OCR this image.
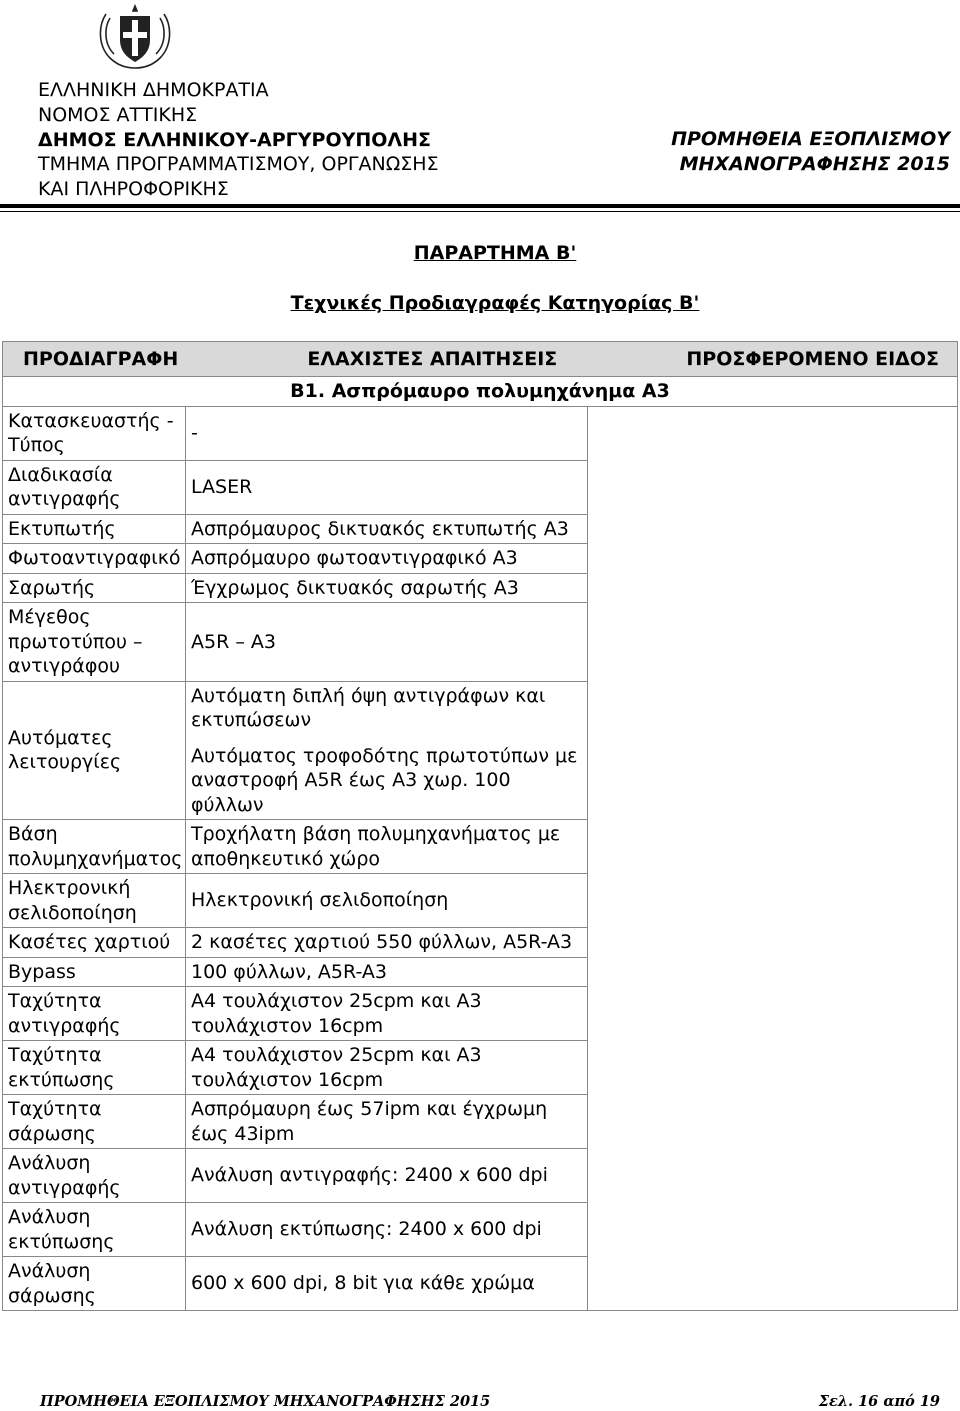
ΕΛΛΗΝΙΚΗ ΔΗΜΟΚΡΑΤΙΑ
ΝΟΜΟΣ ΑΤΤΙΚΗΣ
ΔΗΜΟΣ ΕΛΛΗΝΙΚΟΥ-ΑΡΓΥΡΟΥΠΟΛΗΣ
ΤΜΗΜΑ ΠΡΟΓΡΑΜΜΑΤΙΣΜΟΥ, ΟΡΓΑΝΩΣΗΣ
ΚΑΙ ΠΛΗΡΟΦΟΡΙΚΗΣ
ΠΡΟΜΗΘΕΙΑ ΕΞΟΠΛΙΣΜΟΥ
ΜΗΧΑΝΟΓΡΑΦΗΣΗΣ 2015
ΠΑΡΑΡΤΗΜΑ Β'
Τεχνικές Προδιαγραφές Κατηγορίας Β'
ΠΡΟΔΙΑΓΡΑΦΗ ΕΛΑΧΙΣΤΕΣ ΑΠΑΙΤΗΣΕΙΣ ΠΡΟΣΦΕΡΟΜΕΝΟ ΕΙΔΟΣ		

Β1. Ασπρόμαυρο πολυμηχάνημα Α3		
Κατασκευαστής - Τύπος	-	

Διαδικασία αντιγραφής	LASER	

Εκτυπωτής	Ασπρόμαυρος δικτυακός εκτυπωτής Α3	

Φωτοαντιγραφικό	Ασπρόμαυρο φωτοαντιγραφικό Α3	

Σαρωτής	Έγχρωμος δικτυακός σαρωτής Α3	

Μέγεθος πρωτοτύπου – αντιγράφου	Α5R – A3	

Αυτόματες λειτουργίες	Αυτόματη διπλή όψη αντιγράφων και εκτυπώσεων
Αυτόματος τροφοδότης πρωτοτύπων με αναστροφή Α5R έως Α3 χωρ. 100 φύλλων	

Βάση πολυμηχανήματος	Τροχήλατη βάση πολυμηχανήματος με αποθηκευτικό χώρο	

Ηλεκτρονική σελιδοποίηση	Ηλεκτρονική σελιδοποίηση	

Κασέτες χαρτιού	2 κασέτες χαρτιού 550 φύλλων, Α5R-A3	

Bypass	100 φύλλων, Α5R-A3	

Ταχύτητα αντιγραφής	Α4 τουλάχιστον 25cpm και Α3 τουλάχιστον 16cpm	

Ταχύτητα εκτύπωσης	Α4 τουλάχιστον 25cpm και Α3 τουλάχιστον 16cpm	

Ταχύτητα σάρωσης	Ασπρόμαυρη έως 57ipm και έγχρωμη έως 43ipm	

Ανάλυση αντιγραφής	Ανάλυση αντιγραφής: 2400 x 600 dpi	

Ανάλυση εκτύπωσης	Ανάλυση εκτύπωσης: 2400 x 600 dpi	

Ανάλυση σάρωσης	600 x 600 dpi, 8 bit για κάθε χρώμα	
ΠΡΟΜΗΘΕΙΑ ΕΞΟΠΛΙΣΜΟΥ ΜΗΧΑΝΟΓΡΑΦΗΣΗΣ 2015	Σελ. 16 από 19
